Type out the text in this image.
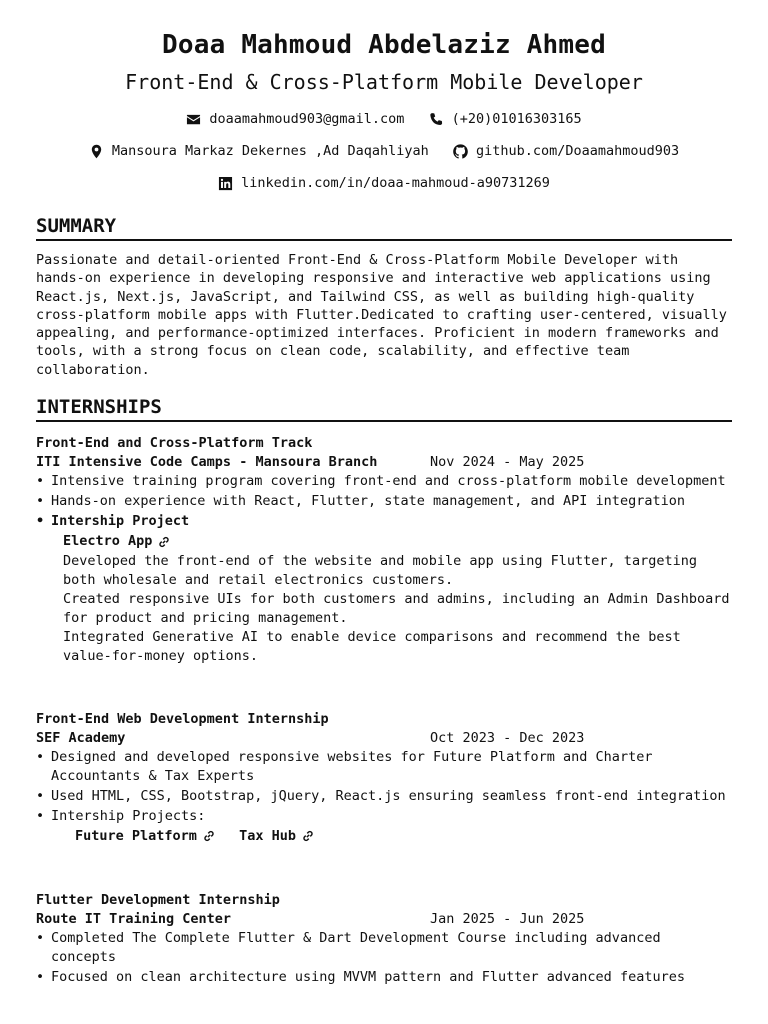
Doaa Mahmoud Abdelaziz Ahmed
Front-End & Cross-Platform Mobile Developer
doaamahmoud903@gmail.com
	(+20)01016303165
Mansoura Markaz Dekernes ,Ad Daqahliyah
	github.com/Doaamahmoud903
linkedin.com/in/doaa-mahmoud-a90731269
SUMMARY

Passionate and detail-oriented Front-End & Cross-Platform Mobile Developer with hands-on experience in developing responsive and interactive web applications using React.js, Next.js, JavaScript, and Tailwind CSS, as well as building high-quality cross-platform mobile apps with Flutter.Dedicated to crafting user-centered, visually appealing, and performance-optimized interfaces. Proficient in modern frameworks and tools, with a strong focus on clean code, scalability, and effective team collaboration.

INTERNSHIPS
Front-End and Cross-Platform Track
ITI Intensive Code Camps - Mansoura Branch	Nov 2024 - May 2025
• Intensive training program covering front-end and cross-platform mobile development
• Hands-on experience with React, Flutter, state management, and API integration
• Intership Project
Electro App
Developed the front-end of the website and mobile app using Flutter, targeting both wholesale and retail electronics customers.
Created responsive UIs for both customers and admins, including an Admin Dashboard for product and pricing management.
Integrated Generative AI to enable device comparisons and recommend the best value-for-money options.
Front-End Web Development Internship
SEF Academy	Oct 2023 - Dec 2023
• Designed and developed responsive websites for Future Platform and Charter Accountants & Tax Experts
• Used HTML, CSS, Bootstrap, jQuery, React.js ensuring seamless front-end integration
• Intership Projects:
Future Platform
	Tax Hub
Flutter Development Internship
Route IT Training Center	Jan 2025 - Jun 2025
• Completed The Complete Flutter & Dart Development Course including advanced concepts
• Focused on clean architecture using MVVM pattern and Flutter advanced features
